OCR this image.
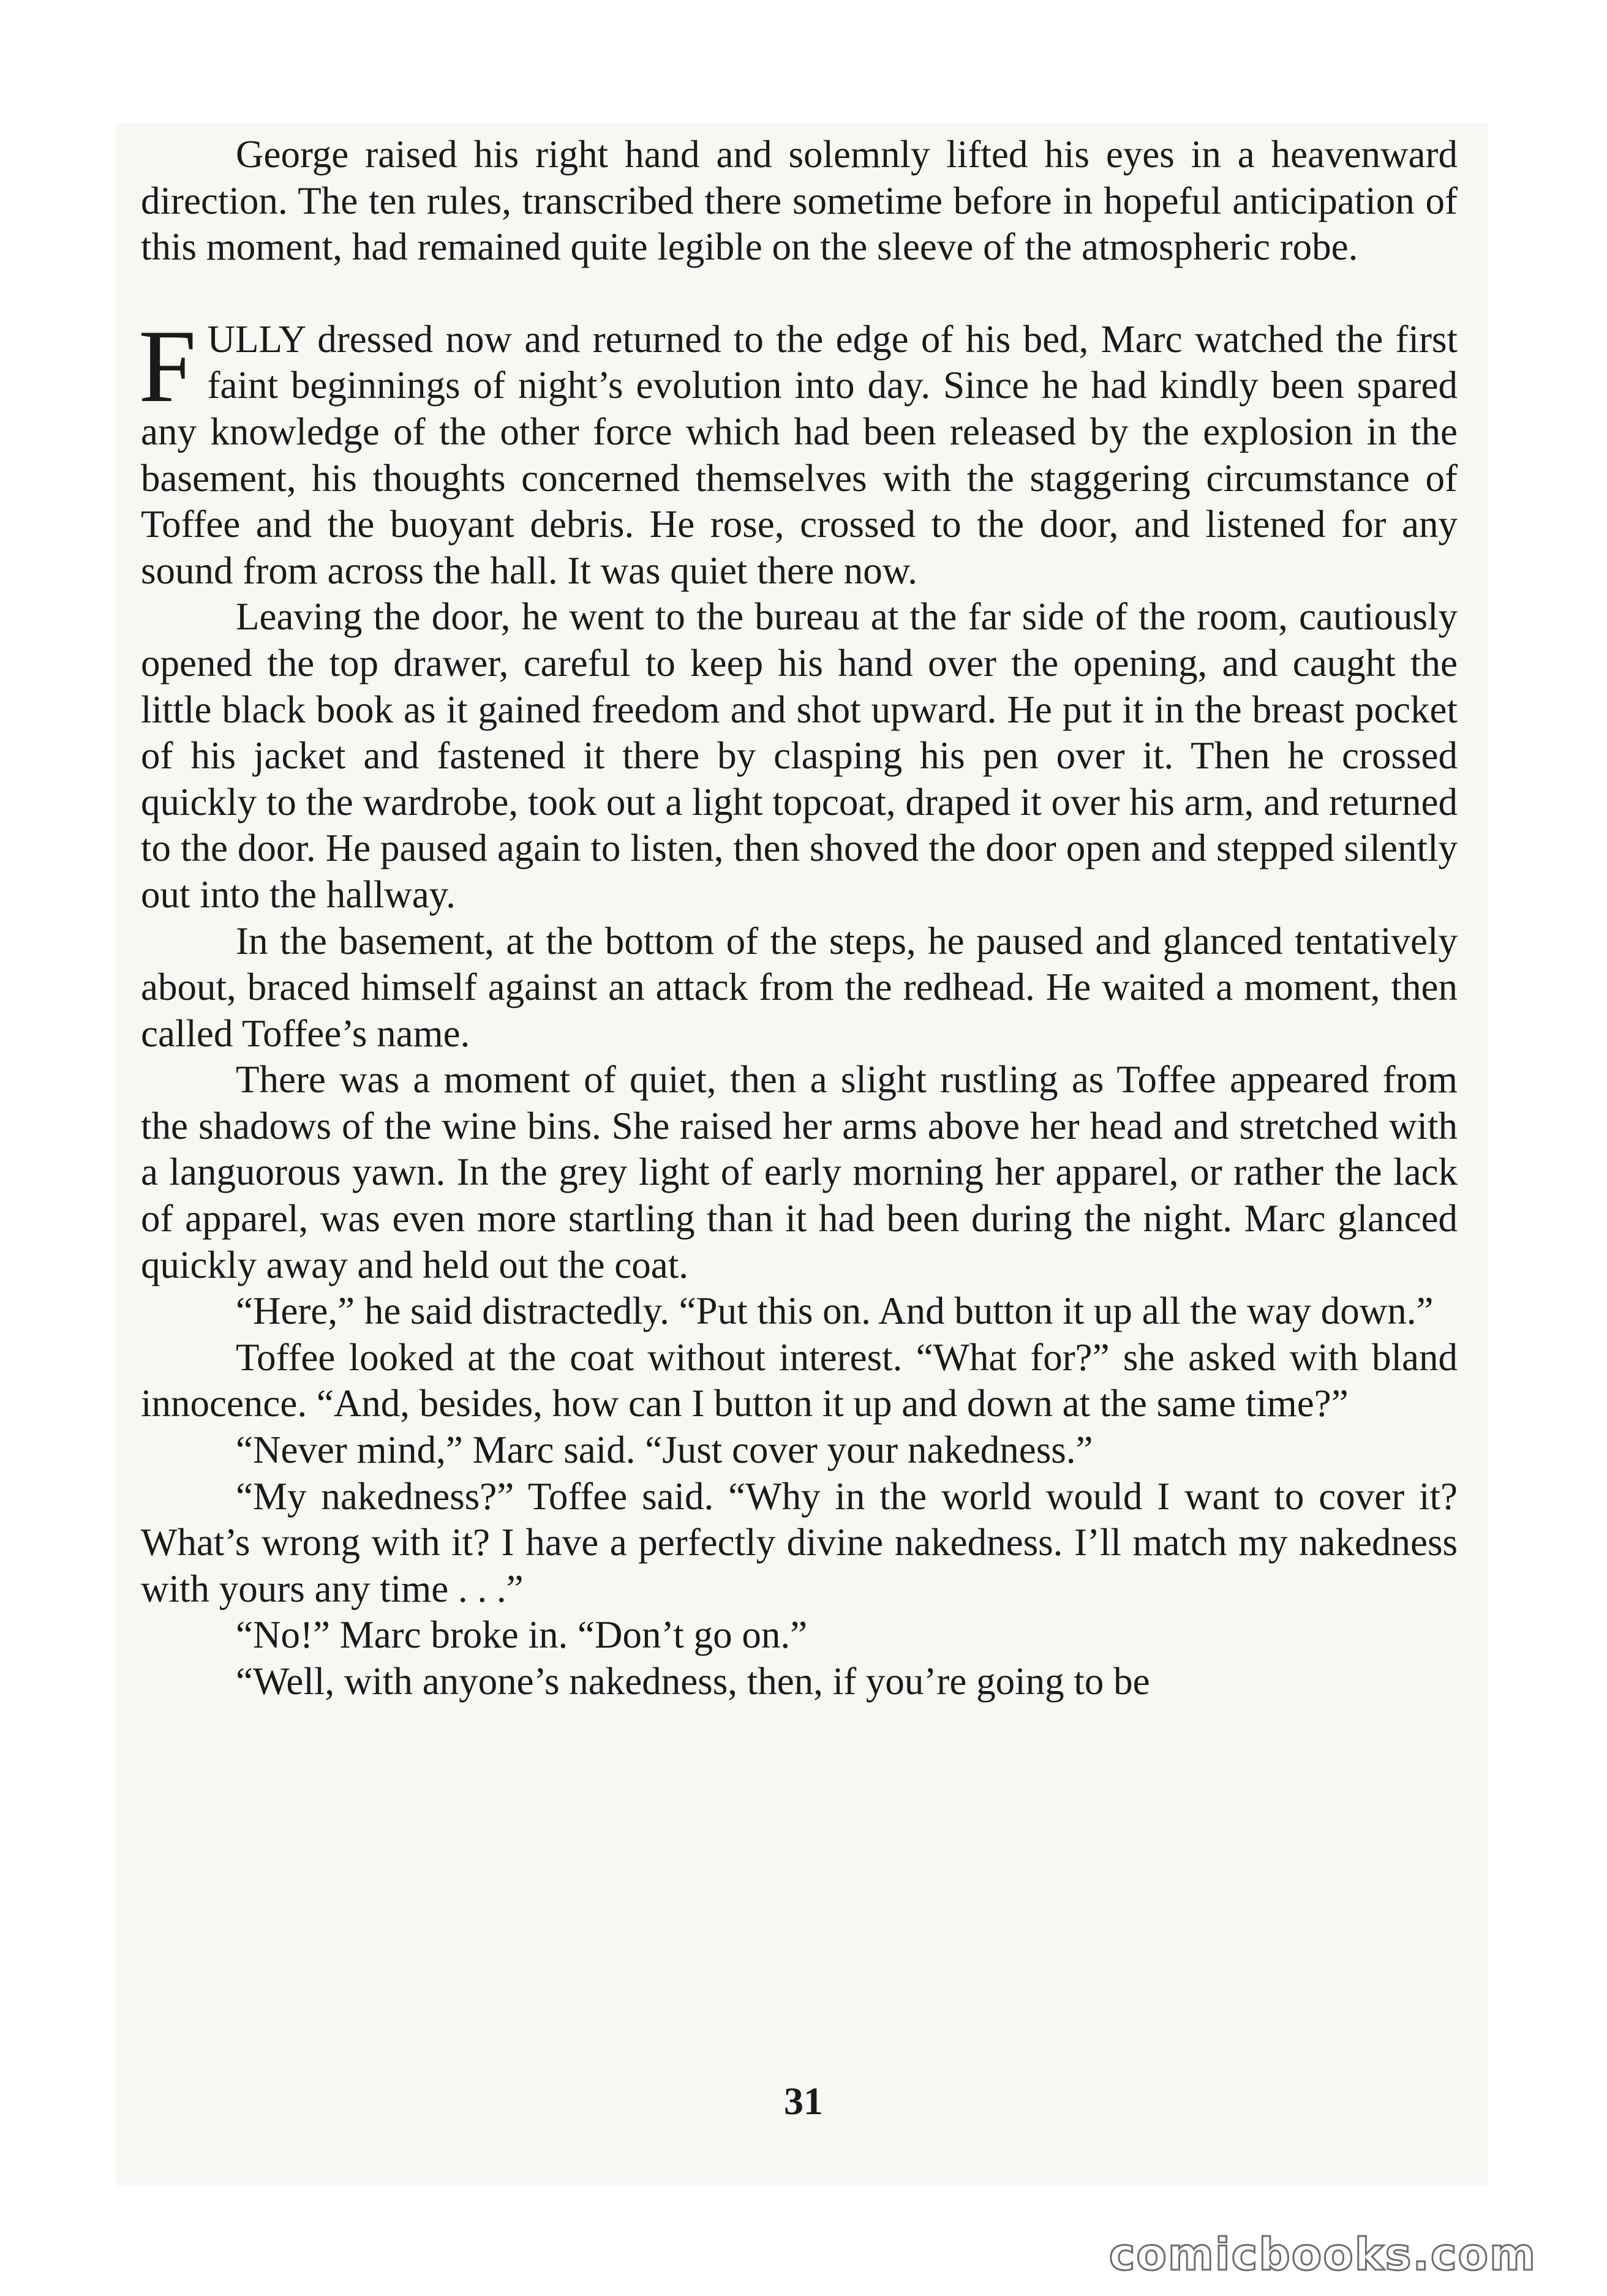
George raised his right hand and solemnly lifted his eyes in a heavenward direction. The ten rules, transcribed there sometime before in hopeful anticipation of this moment, had remained quite legible on the sleeve of the atmospheric robe.

FULLY dressed now and returned to the edge of his bed, Marc watched the first faint beginnings of night’s evolution into day. Since he had kindly been spared any knowledge of the other force which had been released by the explosion in the basement, his thoughts concerned themselves with the staggering circumstance of Toffee and the buoyant debris. He rose, crossed to the door, and listened for any sound from across the hall. It was quiet there now.

Leaving the door, he went to the bureau at the far side of the room, cautiously opened the top drawer, careful to keep his hand over the opening, and caught the little black book as it gained freedom and shot upward. He put it in the breast pocket of his jacket and fastened it there by clasping his pen over it. Then he crossed quickly to the wardrobe, took out a light topcoat, draped it over his arm, and returned to the door. He paused again to listen, then shoved the door open and stepped silently out into the hallway.

In the basement, at the bottom of the steps, he paused and glanced tentatively about, braced himself against an attack from the redhead. He waited a moment, then called Toffee’s name.

There was a moment of quiet, then a slight rustling as Toffee appeared from the shadows of the wine bins. She raised her arms above her head and stretched with a languorous yawn. In the grey light of early morning her apparel, or rather the lack of apparel, was even more startling than it had been during the night. Marc glanced quickly away and held out the coat.

“Here,” he said distractedly. “Put this on. And button it up all the way down.”

Toffee looked at the coat without interest. “What for?” she asked with bland innocence. “And, besides, how can I button it up and down at the same time?”

“Never mind,” Marc said. “Just cover your nakedness.”

“My nakedness?” Toffee said. “Why in the world would I want to cover it? What’s wrong with it? I have a perfectly divine nakedness. I’ll match my nakedness with yours any time . . .”

“No!” Marc broke in. “Don’t go on.”

“Well, with anyone’s nakedness, then, if you’re going to be

31
comicbooks.com
